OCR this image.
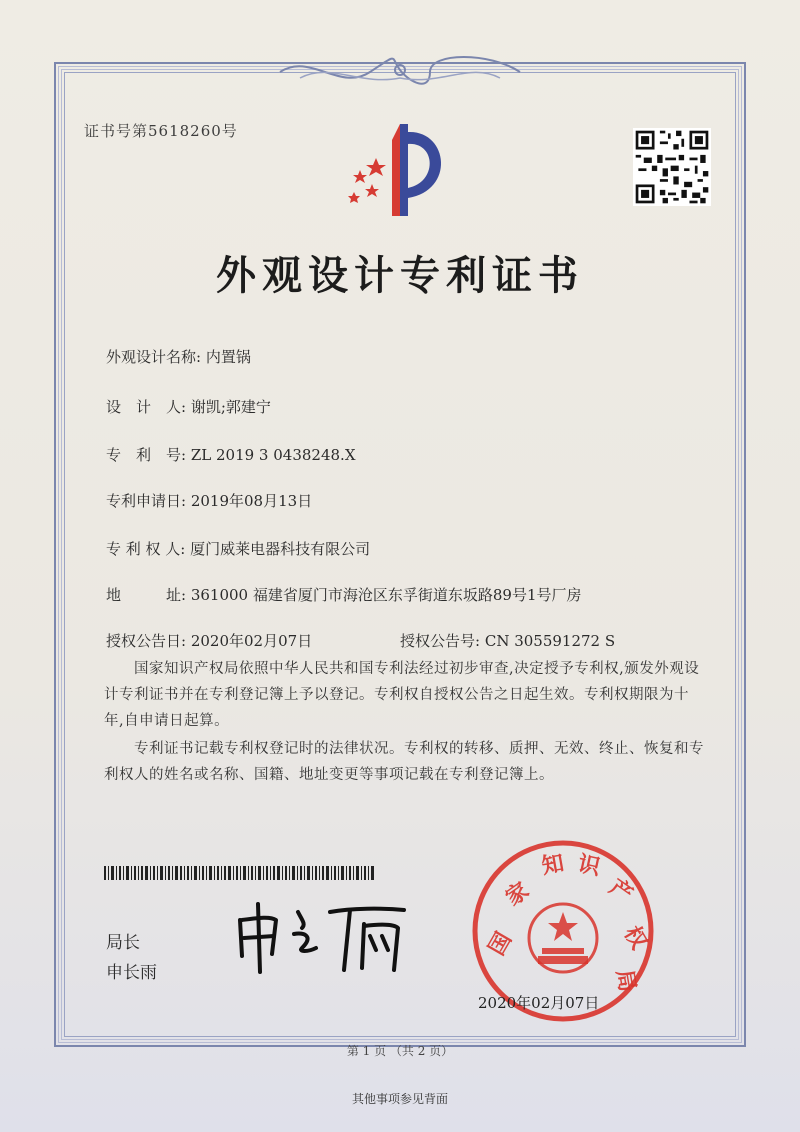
证书号第5618260号
外观设计专利证书
外观设计名称: 内置锅
设　计　人: 谢凯;郭建宁
专　利　号: ZL 2019 3 0438248.X
专利申请日: 2019年08月13日
专 利 权 人: 厦门威莱电器科技有限公司
地　　　址: 361000 福建省厦门市海沧区东孚街道东坂路89号1号厂房
授权公告日: 2020年02月07日	授权公告号: CN 305591272 S
　　国家知识产权局依照中华人民共和国专利法经过初步审查,决定授予专利权,颁发外观设计专利证书并在专利登记簿上予以登记。专利权自授权公告之日起生效。专利权期限为十年,自申请日起算。
　　专利证书记载专利权登记时的法律状况。专利权的转移、质押、无效、终止、恢复和专利权人的姓名或名称、国籍、地址变更等事项记载在专利登记簿上。
局长
申长雨
国
家
知 识
产
权
局
2020年02月07日
第 1 页 （共 2 页）
其他事项参见背面
